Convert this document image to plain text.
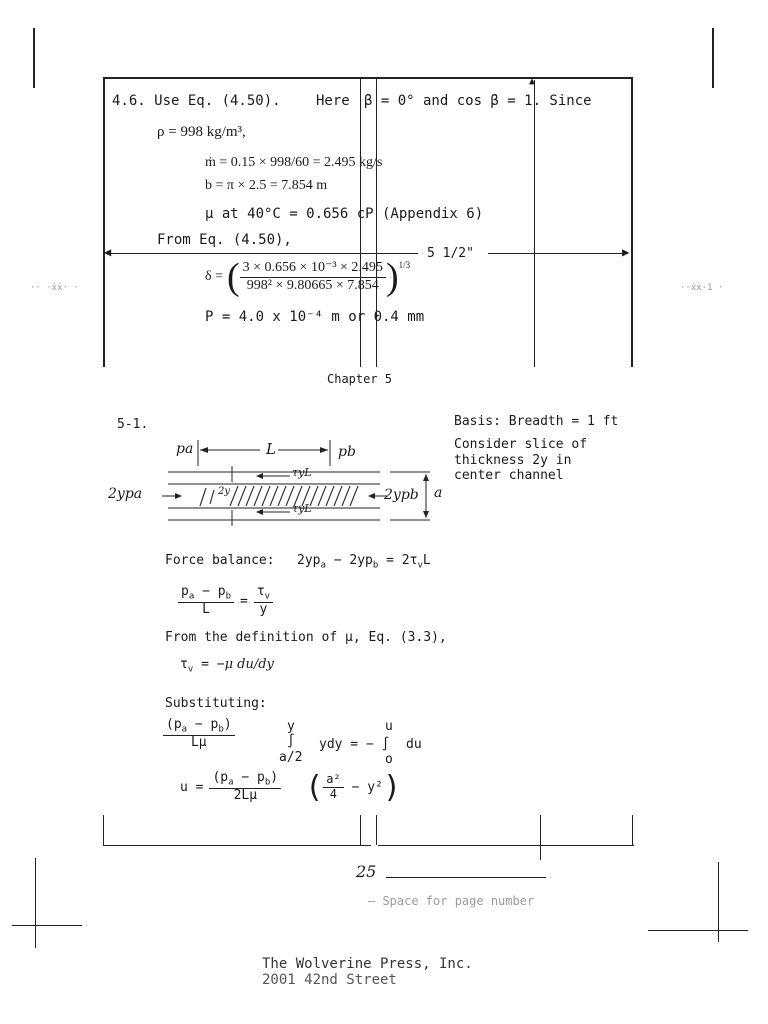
▲
◀	▶
5 1/2"
·· ·ẋẋ· ·	··ẋẋ·1 ·
4.6. Use Eq. (4.50).	Here β = 0° and cos β = 1. Since
ρ = 998 kg/m³,
ṁ = 0.15 × 998/60 = 2.495 kg/s
b = π × 2.5 = 7.854 m
μ at 40°C = 0.656 cP (Appendix 6)
From Eq. (4.50),
δ = ( $\frac{\text{3 × 0.656 × 10⁻³ × 2.495}}{\text{998² × 9.80665 × 7.854}}$ ) 1/3
P = 4.0 x 10⁻⁴ m or 0.4 mm
Chapter 5
5-1.	Basis: Breadth = 1 ft
Consider slice of
thickness 2y in
center channel
pa	pb
L
τyL
τyL
2y
2ypa	2ypb a
Force balance: $2yp_a - 2yp_b = 2\tau_vL$
$\frac{p_a - p_b}{L} = \frac{\tau_v}{y}$
From the definition of μ, Eq. (3.3),
$\tau_v = -\mu$ du/dy
Substituting:
$\frac{(p_a - p_b)}{L\mu}$	y
∫
a/2
ydy = − ∫
u
o
du
$u = \frac{(p_a - p_b)}{2L\mu}$ ( $\frac{\text{a²}}{4} - y^2$ )
25
— Space for page number
The Wolverine Press, Inc.
2001 42nd Street
